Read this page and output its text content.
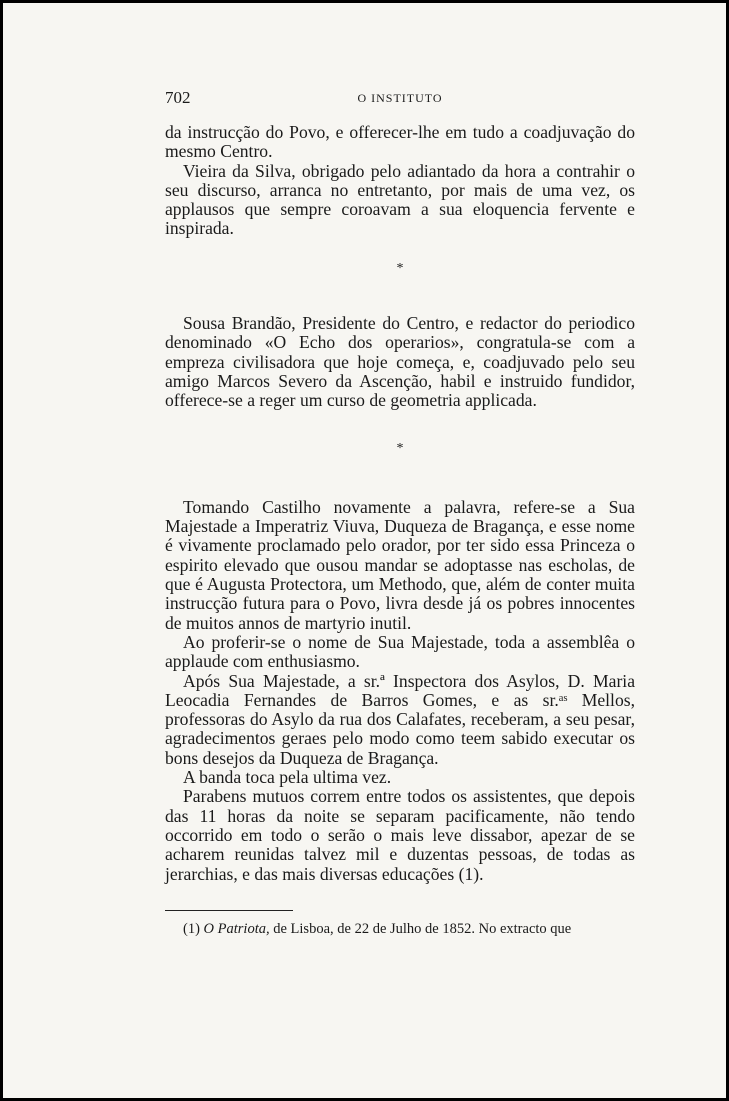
702	O INSTITUTO

da instrucção do Povo, e offerecer-lhe em tudo a coadjuvação do mesmo Centro.

Vieira da Silva, obrigado pelo adiantado da hora a contrahir o seu discurso, arranca no entretanto, por mais de uma vez, os applausos que sempre coroavam a sua eloquencia fervente e inspirada.

*

Sousa Brandão, Presidente do Centro, e redactor do periodico denominado «O Echo dos operarios», congratula-se com a empreza civilisadora que hoje começa, e, coadjuvado pelo seu amigo Marcos Severo da Ascenção, habil e instruido fundidor, offerece-se a reger um curso de geometria applicada.

*

Tomando Castilho novamente a palavra, refere-se a Sua Majestade a Imperatriz Viuva, Duqueza de Bragança, e esse nome é vivamente proclamado pelo orador, por ter sido essa Princeza o espirito elevado que ousou mandar se adoptasse nas escholas, de que é Augusta Protectora, um Methodo, que, além de conter muita instrucção futura para o Povo, livra desde já os pobres innocentes de muitos annos de martyrio inutil.

Ao proferir-se o nome de Sua Majestade, toda a assemblêa o applaude com enthusiasmo.

Após Sua Majestade, a sr.ª Inspectora dos Asylos, D. Maria Leocadia Fernandes de Barros Gomes, e as sr.ᵃˢ Mellos, professoras do Asylo da rua dos Calafates, receberam, a seu pesar, agradecimentos geraes pelo modo como teem sabido executar os bons desejos da Duqueza de Bragança.

A banda toca pela ultima vez.

Parabens mutuos correm entre todos os assistentes, que depois das 11 horas da noite se separam pacificamente, não tendo occorrido em todo o serão o mais leve dissabor, apezar de se acharem reunidas talvez mil e duzentas pessoas, de todas as jerarchias, e das mais diversas educações (1).

(1) O Patriota, de Lisboa, de 22 de Julho de 1852. No extracto que
